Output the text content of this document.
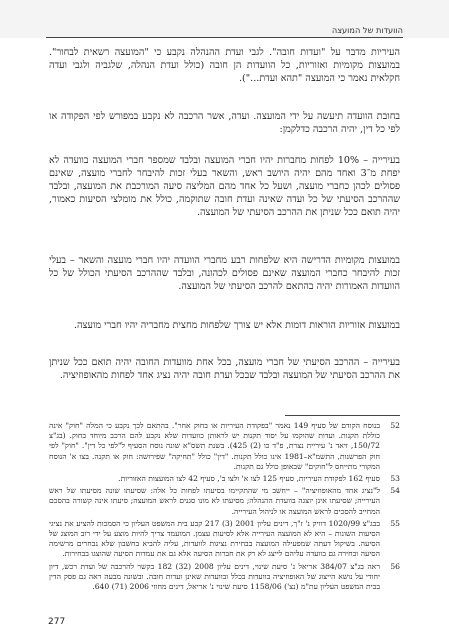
הוועדות של המועצה

העיריות מדבר על "ועדות חובה". לגבי ועדת ההנהלה נקבע כי "המועצה רשאית לבחור". במועצות מקומיות ואזוריות, כל הוועדות הן חובה (כולל ועדת הנהלה, שלגביה ולגבי ועדה חקלאית נאמר כי המועצה "תהא ועדת...").

בחובת הוועדה תיעשה על ידי המועצה. ועדה, אשר הרכבה לא נקבע במפורש לפי הפקודה או לפי כל דין, יהיה הרכבה כדלקמן:

בעירייה – 10% לפחות מחברות יהיו חברי המועצה ובלבד שמספר חברי המועצה בוועדה לא יפחת מ־3 ואחד מהם יהיה היושב ראש, והשאר בעלי זכות להיבחר לחברי מועצה, שאינם פסולים לכהן כחברי מועצה, ושעל כל אחד מהם המליצה סיעה המורכבת את המועצה, ובלבד שההרכב הסיעתי של כל ועדה שאינה ועדת חובה שתוקמה, כולל את מומלצי הסיעות כאמור, יהיה תואם ככל שניתן את ההרכב הסיעתי של המועצה.

במועצות מקומיות הדרישה היא שלפחות רבע מחברי הוועדה יהיו חברי מועצה והשאר – בעלי זכות להיבחר כחברי המועצה שאינם פסולים לכהונה, ובלבד שההרכב הסיעתי הכולל של כל הוועדות האמורות יהיה בהתאם להרכב הסיעתי של המועצה.

במועצות אזוריות הוראות דומות אלא יש צורך שלפחות מחצית מחבריה יהיו חברי מועצה.

בעירייה – ההרכב הסיעתי של חברי מועצה, בכל אחת מוועדות החובה יהיה תואם ככל שניתן את ההרכב הסיעתי של המועצה ובלבד שבכל ועדת חובה יהיה נציג אחד לפחות מהאופוזיציה.

52
בנוסח הקודם של סעיף 149 נאמר "בפקודת העיריות או בחוק אחר". בהתאם לכך נקבע כי המלה "חוק" אינה כוללת תקנות. ועדות שהוקמו על יסוד תקנות יש לראותן כוועדות שלא נקבע להם הרכב מיוחד בחוק. (בג"צ 150/72, זיאד נ' עיריית נצרת, פ"ד כו (2) 425). בשנת תשס"א שונה נוסח הסעיף ל"לפי כל דין". "חוק" לפי חוק הפרשנות, התשמ"א–1981 אינו כולל תקנות. "דין" כולל "תחיקה" שפירושה: חוק או תקנה. בצו א' הנוסח המקורי מתייחס ל"חוקים" שבאופן כולל גם תקנות.
53
סעיף 162 לפקודת העיריות, סעיף 125 לצו א' ולצו ב', סעיף 42 לצו המועצות האזוריות.
54
ל"נציג אחד מהאופוזיציה" – ייחשב מי שהתקיימו בסיעתו לפחות כל אלה: שסיעתו שונה מסיעתו של ראש העירייה; שסיעתו אינן יוצגה בוועדת ההנהלה; מסיעתו לא מונו סגנים לראש המועצה; סיעתו אינה קשורה בהסכם המחייב להסכים לראש המועצה או לניהול העירייה.
55
בבג"צ 1020/99 דוויק נ' ז"ך, דינים עליון 2001 (3) 217 קבע בית המשפט העליון כי הסמכות להציע את נציגי הסיעות השונות – היא לא המועצה העירייה אלא לסיעות עצמן. המועמד צריך להיות מוצע על ידי רוב המוצג של הסיעה. בשיקול דעתה שמפעילה המועצה בבחירת נציגות לוועדות, עליה להביא בחשבון שלא נבחרים מרשימה הסיעה ובחירה גם בוועדה עליהם לייצג לא רק את חברות הסיעה אלא גם את עמדות הסיעה שהוצגו בבחירות.
56
ראה בג"צ 384/07 אריאל נ' סיעת שינוי, דינים עליון 2008 (32) 182 בקשר להרכבה של ועדת רכש, דיון יחודי על נושא הייצוג של האופוזיציה בוועדות בכלל ובוועדות שאינן ועדות חובה. ובשונה מבעה ראה גם פסק הדין בבית המשפט העליון עת"מ (נצ') 1158/06 סיעת שינוי נ' אריאל, דינים מחוזי 2006 (71) 640.
277
